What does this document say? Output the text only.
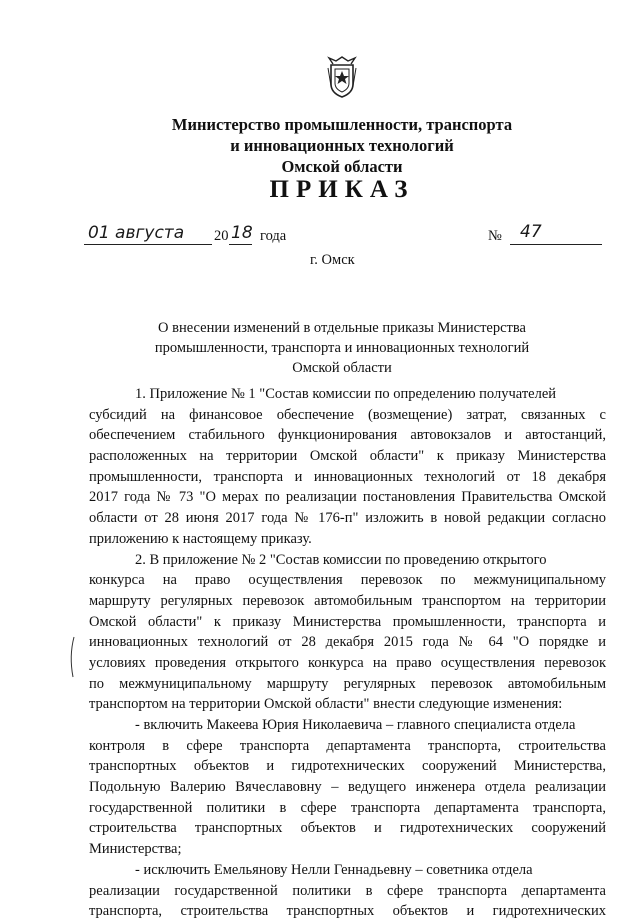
Министерство промышленности, транспорта
и инновационных технологий
Омской области
ПРИКАЗ
01 августа 20 18 года	№ 47
г. Омск
О внесении изменений в отдельные приказы Министерства
промышленности, транспорта и инновационных технологий
Омской области
1. Приложение № 1 "Состав комиссии по определению получателей
субсидий на финансовое обеспечение (возмещение) затрат, связанных с
обеспечением стабильного функционирования автовокзалов и автостанций,
расположенных на территории Омской области" к приказу Министерства
промышленности, транспорта и инновационных технологий от 18 декабря
2017 года № 73 "О мерах по реализации постановления Правительства Омской
области от 28 июня 2017 года № 176-п" изложить в новой редакции согласно
приложению к настоящему приказу.
2. В приложение № 2 "Состав комиссии по проведению открытого
конкурса на право осуществления перевозок по межмуниципальному
маршруту регулярных перевозок автомобильным транспортом на территории
Омской области" к приказу Министерства промышленности, транспорта и
инновационных технологий от 28 декабря 2015 года № 64 "О порядке и
условиях проведения открытого конкурса на право осуществления перевозок
по межмуниципальному маршруту регулярных перевозок автомобильным
транспортом на территории Омской области" внести следующие изменения:
- включить Макеева Юрия Николаевича – главного специалиста отдела
контроля в сфере транспорта департамента транспорта, строительства
транспортных объектов и гидротехнических сооружений Министерства,
Подольную Валерию Вячеславовну – ведущего инженера отдела реализации
государственной политики в сфере транспорта департамента транспорта,
строительства транспортных объектов и гидротехнических сооружений
Министерства;
- исключить Емельянову Нелли Геннадьевну – советника отдела
реализации государственной политики в сфере транспорта департамента
транспорта, строительства транспортных объектов и гидротехнических
